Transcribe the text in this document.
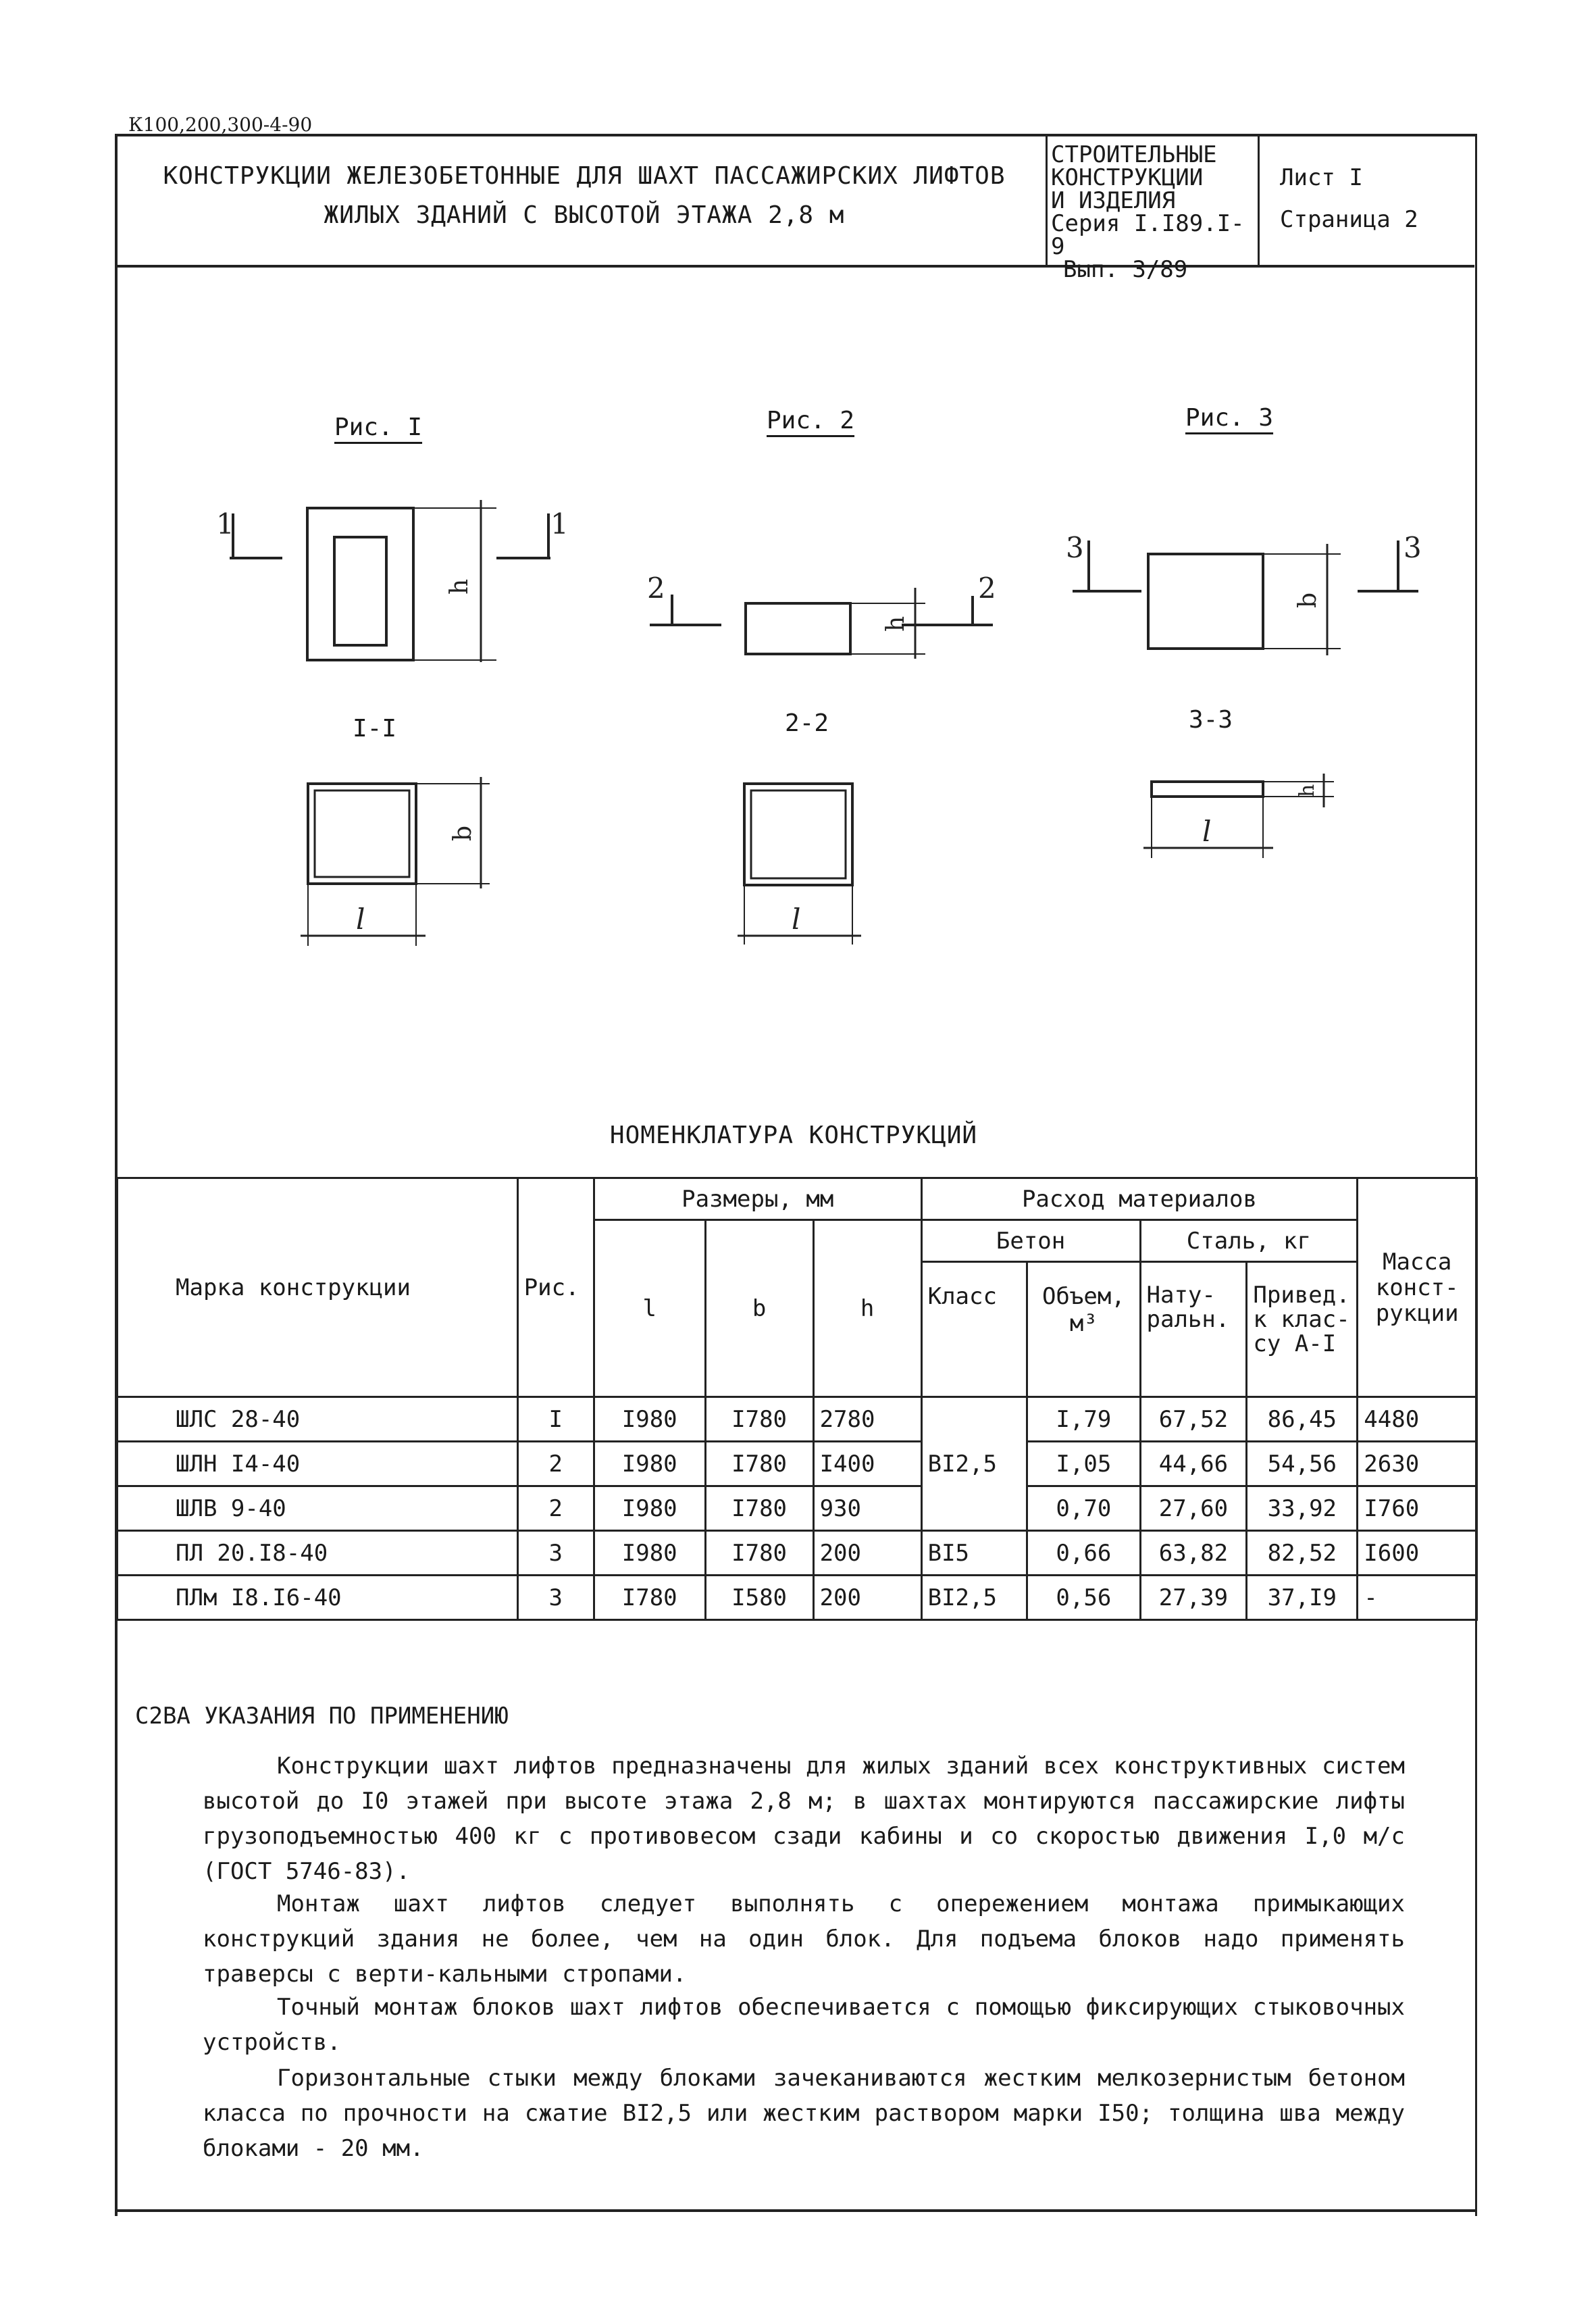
К100,200,300-4-90
КОНСТРУКЦИИ ЖЕЛЕЗОБЕТОННЫЕ ДЛЯ ШАХТ ПАССАЖИРСКИХ ЛИФТОВ
ЖИЛЫХ ЗДАНИЙ С ВЫСОТОЙ ЭТАЖА 2,8 м
СТРОИТЕЛЬНЫЕ
КОНСТРУКЦИИ
И ИЗДЕЛИЯ
Серия I.I89.I-9
Вып. 3/89
Лист I
Страница 2
Рис. I	Рис. 2	Рис. 3
I-I	2-2	3-3
1	1
2	2
3	3
h
h
b
b
h
l	l
l
НОМЕНКЛАТУРА КОНСТРУКЦИЙ
Марка конструкции	Рис.	Размеры, мм			Расход материалов				Масса конст-рукции
		l	b	h	Бетон		Сталь, кг		
					Класс	Объем, м³	Нату-ральн.	Привед. к клас-су А-I	
ШЛС 28-40	I	I980	I780	2780	BI2,5	I,79	67,52	86,45	4480
ШЛН I4-40	2	I980	I780	I400		I,05	44,66	54,56	2630
ШЛВ 9-40	2	I980	I780	930		0,70	27,60	33,92	I760
ПЛ 20.I8-40	3	I980	I780	200	BI5	0,66	63,82	82,52	I600
ПЛм I8.I6-40	3	I780	I580	200	BI2,5	0,56	27,39	37,I9	-
С2ВА УКАЗАНИЯ ПО ПРИМЕНЕНИЮ
Конструкции шахт лифтов предназначены для жилых зданий всех конструктивных систем высотой до I0 этажей при высоте этажа 2,8 м; в шахтах монтируются пассажирские лифты грузоподъемностью 400 кг с противовесом сзади кабины и со скоростью движения I,0 м/с (ГОСТ 5746-83).
Монтаж шахт лифтов следует выполнять с опережением монтажа примыкающих конструкций здания не более, чем на один блок. Для подъема блоков надо применять траверсы с верти-кальными стропами.
Точный монтаж блоков шахт лифтов обеспечивается с помощью фиксирующих стыковочных устройств.
Горизонтальные стыки между блоками зачеканиваются жестким мелкозернистым бетоном класса по прочности на сжатие BI2,5 или жестким раствором марки I50; толщина шва между блоками - 20 мм.
